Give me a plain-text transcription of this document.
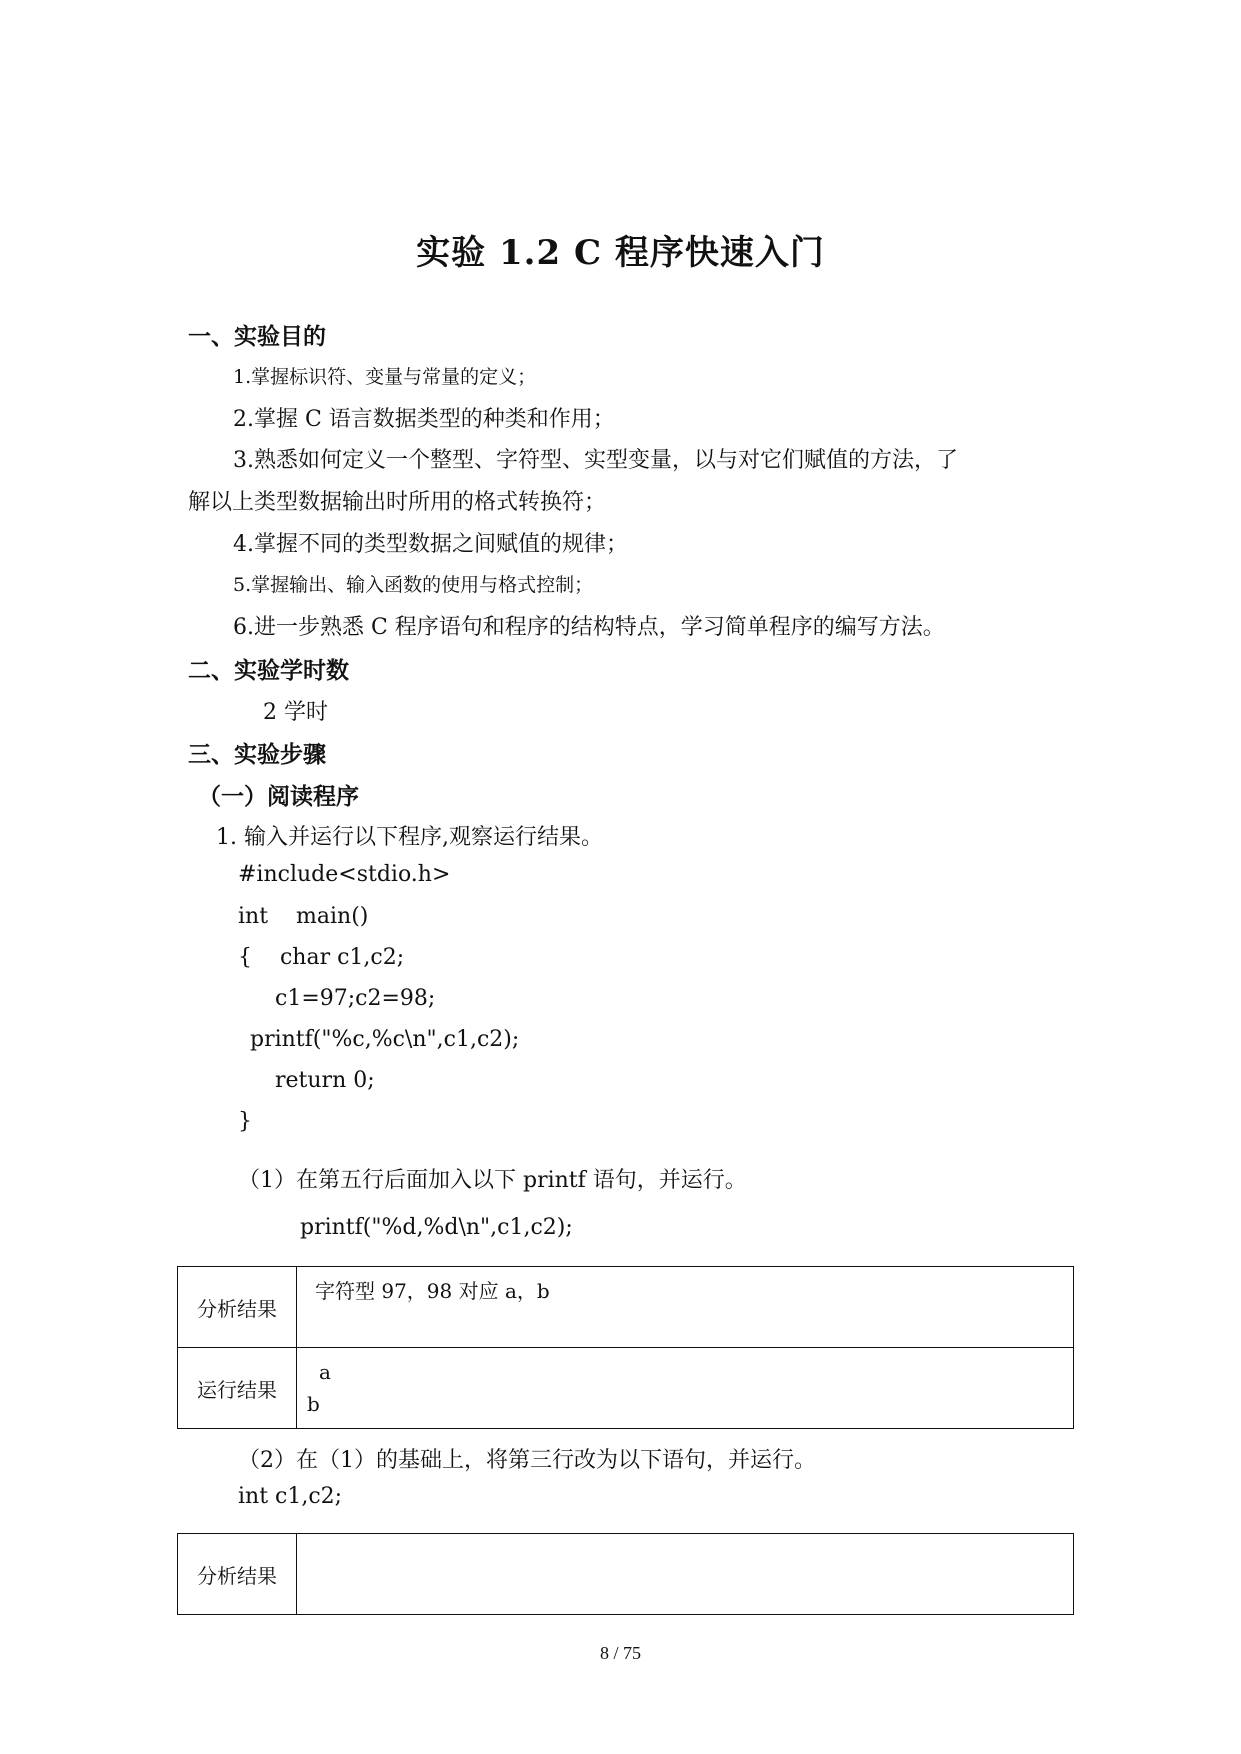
实验 1.2 C 程序快速入门
一、实验目的
1.掌握标识符、变量与常量的定义；
2.掌握 C 语言数据类型的种类和作用；
3.熟悉如何定义一个整型、字符型、实型变量，以与对它们赋值的方法，了
解以上类型数据输出时所用的格式转换符；
4.掌握不同的类型数据之间赋值的规律；
5.掌握输出、输入函数的使用与格式控制；
6.进一步熟悉 C 程序语句和程序的结构特点，学习简单程序的编写方法。
二、实验学时数
2 学时
三、实验步骤
（一）阅读程序
1. 输入并运行以下程序,观察运行结果。
#include<stdio.h>
int    main()
{    char c1,c2;
c1=97;c2=98;
printf("%c,%c\n",c1,c2);
return 0;
}
（1）在第五行后面加入以下 printf 语句，并运行。
printf("%d,%d\n",c1,c2);
分析结果	字符型 97，98 对应 a，b
运行结果	a
b
（2）在（1）的基础上，将第三行改为以下语句，并运行。
int c1,c2;
分析结果	
8 / 75
